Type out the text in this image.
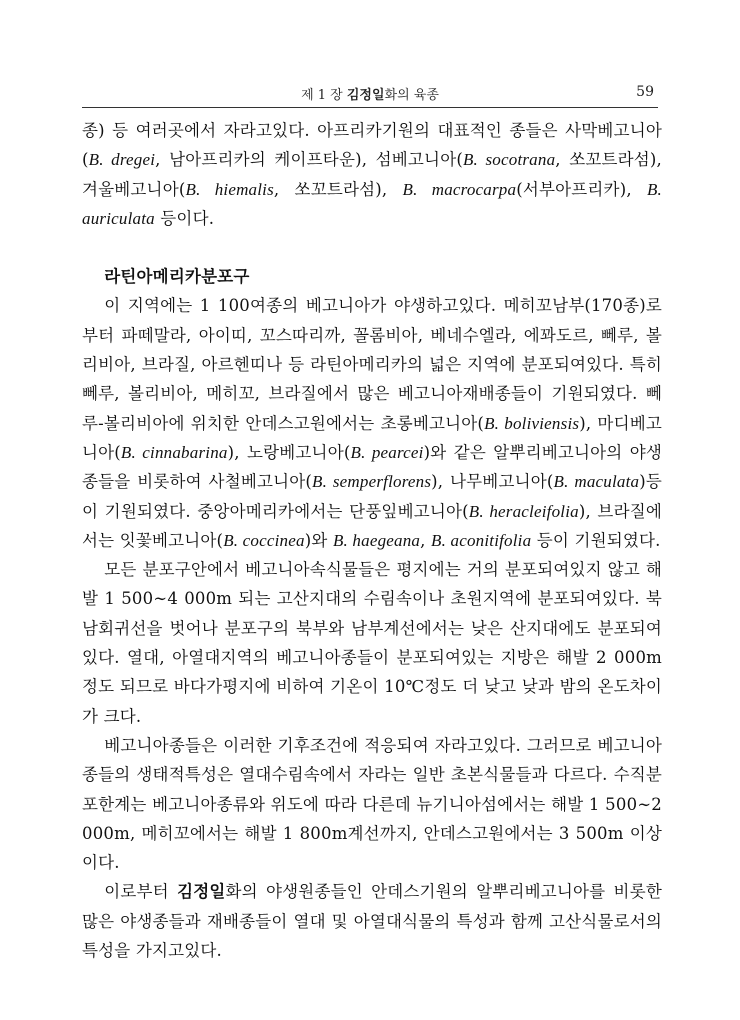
제 1 장 김정일화의 육종	59

종) 등 여러곳에서 자라고있다. 아프리카기원의 대표적인 종들은 사막베고니아(B. dregei, 남아프리카의 케이프타운), 섬베고니아(B. socotrana, 쏘꼬트라섬), 겨울베고니아(B. hiemalis, 쏘꼬트라섬), B. macrocarpa(서부아프리카), B. auriculata 등이다.

라틴아메리카분포구

이 지역에는 1 100여종의 베고니아가 야생하고있다. 메히꼬남부(170종)로부터 파떼말라, 아이띠, 꼬스따리까, 꼴롬비아, 베네수엘라, 에꽈도르, 뻬루, 볼리비아, 브라질, 아르헨띠나 등 라틴아메리카의 넓은 지역에 분포되여있다. 특히 뻬루, 볼리비아, 메히꼬, 브라질에서 많은 베고니아재배종들이 기원되였다. 뻬루-볼리비아에 위치한 안데스고원에서는 초롱베고니아(B. boliviensis), 마디베고니아(B. cinnabarina), 노랑베고니아(B. pearcei)와 같은 알뿌리베고니아의 야생종들을 비롯하여 사철베고니아(B. semperflorens), 나무베고니아(B. maculata)등이 기원되였다. 중앙아메리카에서는 단풍잎베고니아(B. heracleifolia), 브라질에서는 잇꽃베고니아(B. coccinea)와 B. haegeana, B. aconitifolia 등이 기원되였다.

모든 분포구안에서 베고니아속식물들은 평지에는 거의 분포되여있지 않고 해발 1 500∼4 000m 되는 고산지대의 수림속이나 초원지역에 분포되여있다. 북남회귀선을 벗어나 분포구의 북부와 남부계선에서는 낮은 산지대에도 분포되여있다. 열대, 아열대지역의 베고니아종들이 분포되여있는 지방은 해발 2 000m정도 되므로 바다가평지에 비하여 기온이 10℃정도 더 낮고 낮과 밤의 온도차이가 크다.

베고니아종들은 이러한 기후조건에 적응되여 자라고있다. 그러므로 베고니아종들의 생태적특성은 열대수림속에서 자라는 일반 초본식물들과 다르다. 수직분포한계는 베고니아종류와 위도에 따라 다른데 뉴기니아섬에서는 해발 1 500∼2 000m, 메히꼬에서는 해발 1 800m계선까지, 안데스고원에서는 3 500m 이상이다.

이로부터 김정일화의 야생원종들인 안데스기원의 알뿌리베고니아를 비롯한 많은 야생종들과 재배종들이 열대 및 아열대식물의 특성과 함께 고산식물로서의 특성을 가지고있다.
